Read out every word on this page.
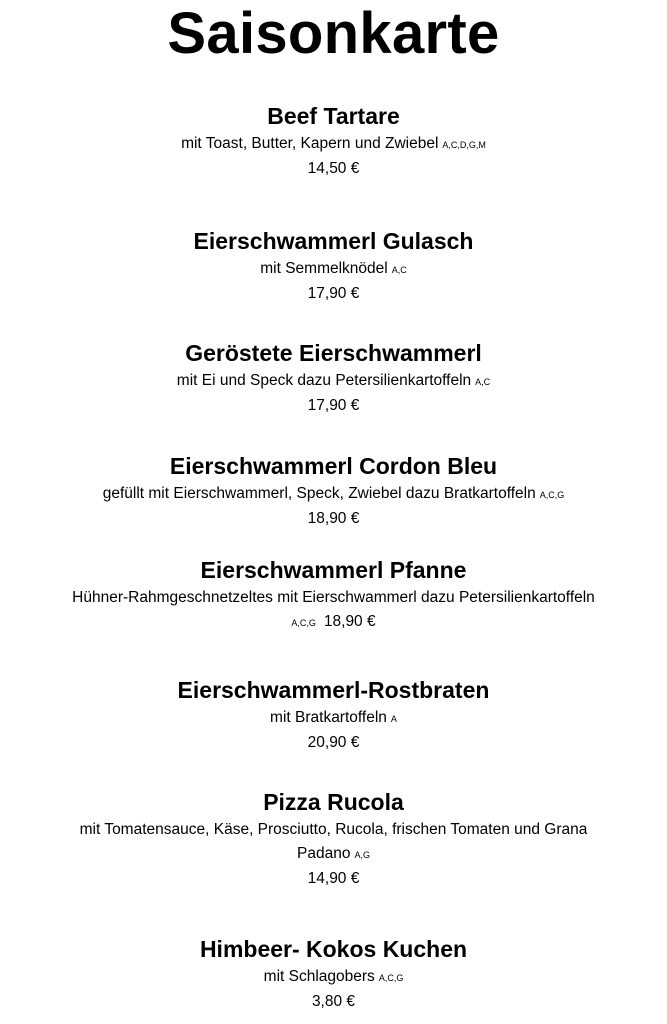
Saisonkarte
Beef Tartare
mit Toast, Butter, Kapern und Zwiebel A,C,D,G,M
14,50 €
Eierschwammerl Gulasch
mit Semmelknödel A,C
17,90 €
Geröstete Eierschwammerl
mit Ei und Speck dazu Petersilienkartoffeln A,C
17,90 €
Eierschwammerl Cordon Bleu
gefüllt mit Eierschwammerl, Speck, Zwiebel dazu Bratkartoffeln A,C,G
18,90 €
Eierschwammerl Pfanne
Hühner-Rahmgeschnetzeltes mit Eierschwammerl dazu Petersilienkartoffeln
A,C,G 18,90 €
Eierschwammerl-Rostbraten
mit Bratkartoffeln A
20,90 €
Pizza Rucola
mit Tomatensauce, Käse, Prosciutto, Rucola, frischen Tomaten und Grana
Padano A,G
14,90 €
Himbeer- Kokos Kuchen
mit Schlagobers A,C,G
3,80 €
